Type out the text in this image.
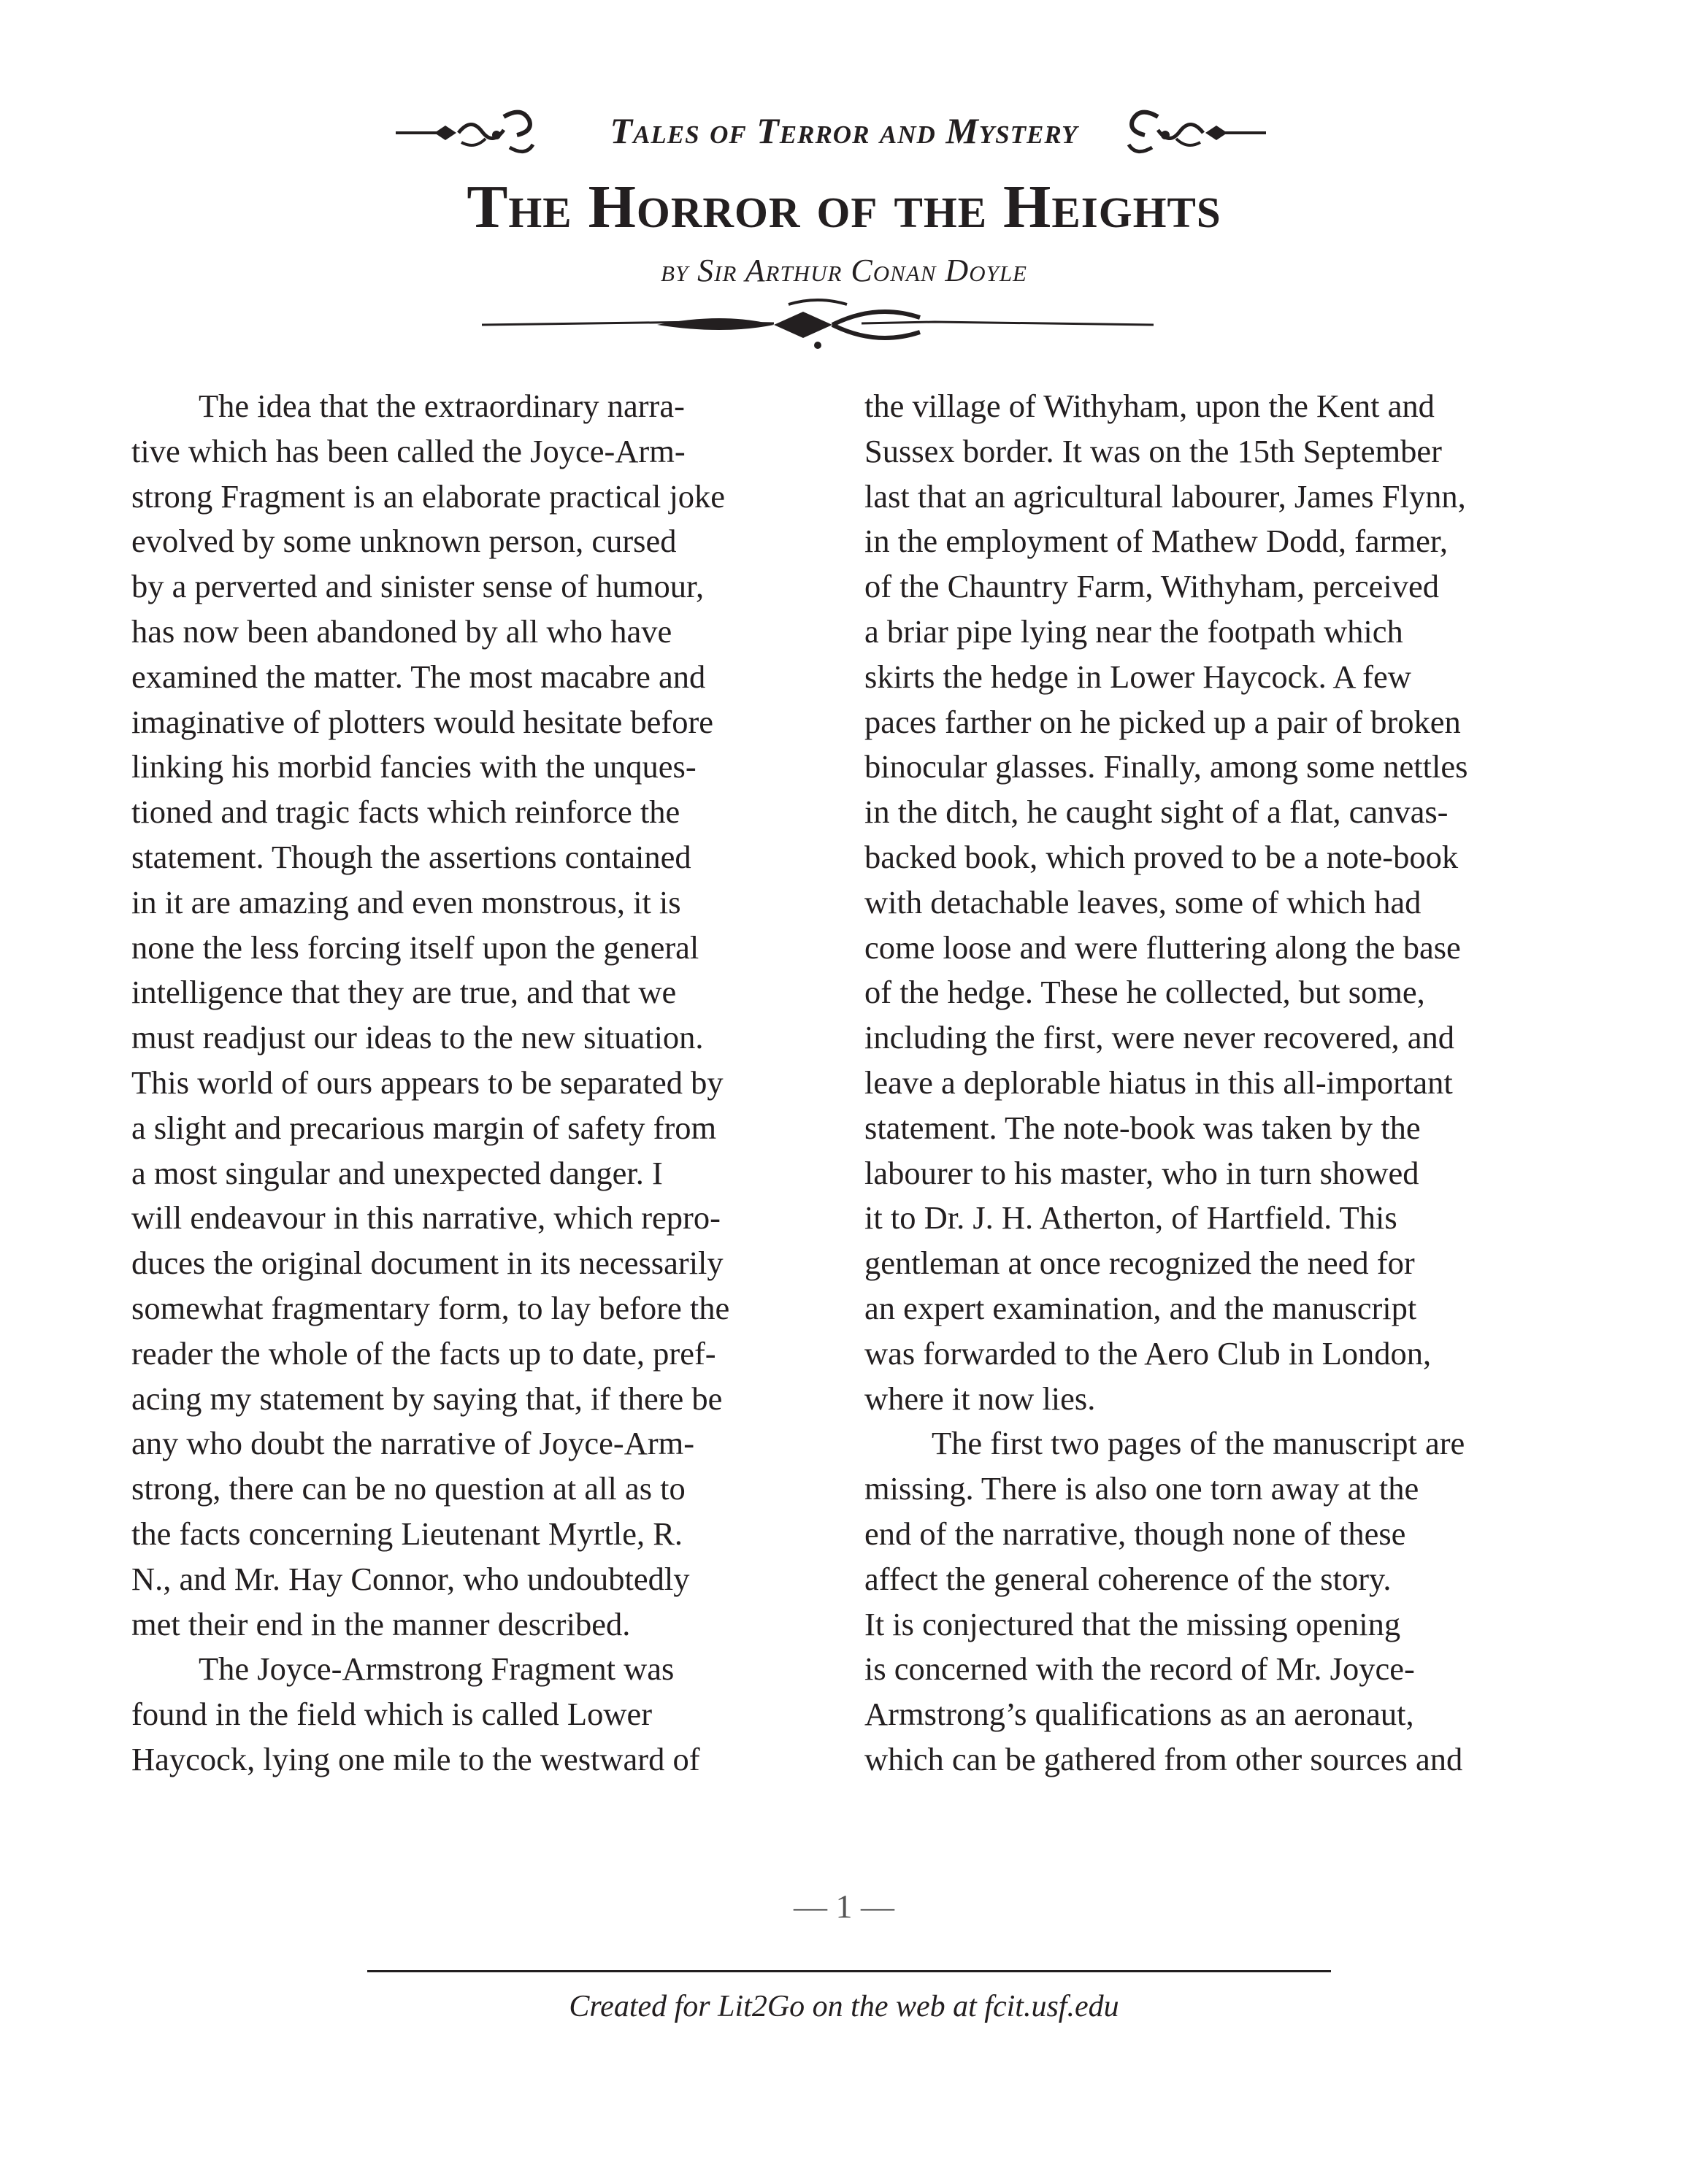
Tales of Terror and Mystery
The Horror of the Heights
by Sir Arthur Conan Doyle
The idea that the extraordinary narra-
tive which has been called the Joyce-Arm-
strong Fragment is an elaborate practical joke
evolved by some unknown person, cursed
by a perverted and sinister sense of humour,
has now been abandoned by all who have
examined the matter. The most macabre and
imaginative of plotters would hesitate before
linking his morbid fancies with the unques-
tioned and tragic facts which reinforce the
statement. Though the assertions contained
in it are amazing and even monstrous, it is
none the less forcing itself upon the general
intelligence that they are true, and that we
must readjust our ideas to the new situation.
This world of ours appears to be separated by
a slight and precarious margin of safety from
a most singular and unexpected danger. I
will endeavour in this narrative, which repro-
duces the original document in its necessarily
somewhat fragmentary form, to lay before the
reader the whole of the facts up to date, pref-
acing my statement by saying that, if there be
any who doubt the narrative of Joyce-Arm-
strong, there can be no question at all as to
the facts concerning Lieutenant Myrtle, R.
N., and Mr. Hay Connor, who undoubtedly
met their end in the manner described.
The Joyce-Armstrong Fragment was
found in the field which is called Lower
Haycock, lying one mile to the westward of
the village of Withyham, upon the Kent and
Sussex border. It was on the 15th September
last that an agricultural labourer, James Flynn,
in the employment of Mathew Dodd, farmer,
of the Chauntry Farm, Withyham, perceived
a briar pipe lying near the footpath which
skirts the hedge in Lower Haycock. A few
paces farther on he picked up a pair of broken
binocular glasses. Finally, among some nettles
in the ditch, he caught sight of a flat, canvas-
backed book, which proved to be a note-book
with detachable leaves, some of which had
come loose and were fluttering along the base
of the hedge. These he collected, but some,
including the first, were never recovered, and
leave a deplorable hiatus in this all-important
statement. The note-book was taken by the
labourer to his master, who in turn showed
it to Dr. J. H. Atherton, of Hartfield. This
gentleman at once recognized the need for
an expert examination, and the manuscript
was forwarded to the Aero Club in London,
where it now lies.
The first two pages of the manuscript are
missing. There is also one torn away at the
end of the narrative, though none of these
affect the general coherence of the story.
It is conjectured that the missing opening
is concerned with the record of Mr. Joyce-
Armstrong’s qualifications as an aeronaut,
which can be gathered from other sources and
— 1 —
Created for Lit2Go on the web at fcit.usf.edu
